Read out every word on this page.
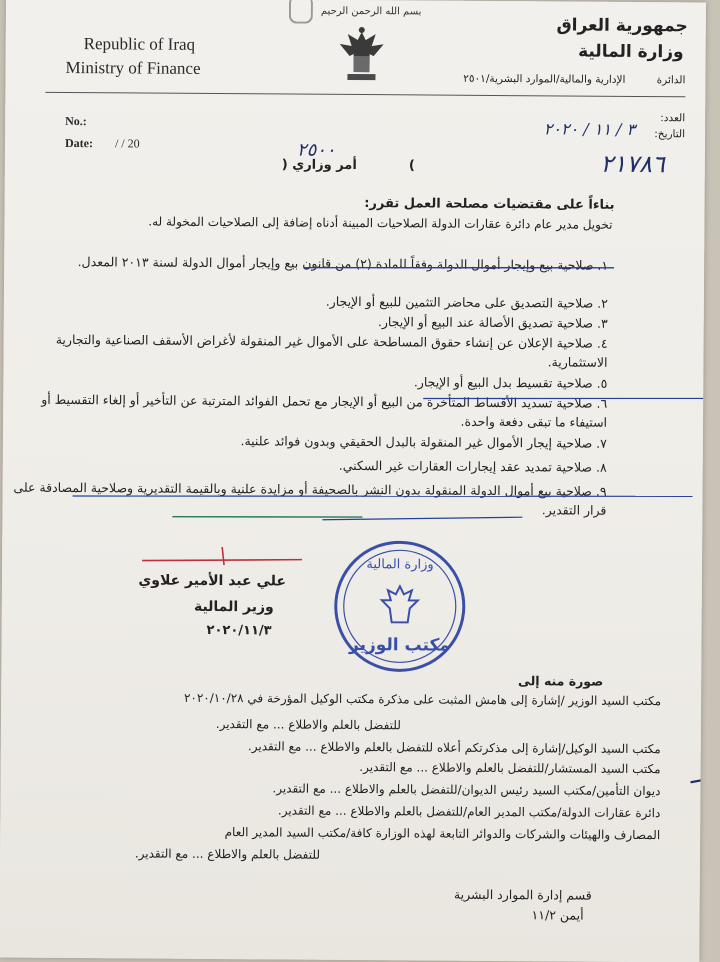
Republic of Iraq
Ministry of Finance
بسم الله الرحمن الرحيم
جمهورية العراق
وزارة المالية
الدائرة
الإدارية والمالية/الموارد البشرية/٢٥٠١
No.:
Date: / / 20
العدد:
التاريخ:
٣ / ١١ / ٢٠٢٠
٢١٧٨٦
أمر وزاري (	)
٢٥٠٠
بناءاً على مقتضيات مصلحة العمل تقرر:
تخويل مدير عام دائرة عقارات الدولة الصلاحيات المبينة أدناه إضافة إلى الصلاحيات المخولة له.
١. صلاحية بيع وإيجار أموال الدولة وفقاً للمادة (٢) من قانون بيع وإيجار أموال الدولة لسنة ٢٠١٣ المعدل.
٢. صلاحية التصديق على محاضر التثمين للبيع أو الإيجار.
٣. صلاحية تصديق الأصالة عند البيع أو الإيجار.
٤. صلاحية الإعلان عن إنشاء حقوق المساطحة على الأموال غير المنقولة لأغراض الأسقف الصناعية والتجارية الاستثمارية.
٥. صلاحية تقسيط بدل البيع أو الإيجار.
٦. صلاحية تسديد الأقساط المتأخرة من البيع أو الإيجار مع تحمل الفوائد المترتبة عن التأخير أو إلغاء التقسيط أو استيفاء ما تبقى دفعة واحدة.
٧. صلاحية إيجار الأموال غير المنقولة بالبدل الحقيقي وبدون فوائد علنية.
٨. صلاحية تمديد عقد إيجارات العقارات غير السكني.
٩. صلاحية بيع أموال الدولة المنقولة بدون النشر بالصحيفة أو مزايدة علنية وبالقيمة التقديرية وصلاحية المصادقة على قرار التقدير.
علي عبد الأمير علاوي
وزير المالية
٢٠٢٠/١١/٣
وزارة المالية
مكتب الوزير
صورة منه إلى
مكتب السيد الوزير /إشارة إلى هامش المثبت على مذكرة مكتب الوكيل المؤرخة في ٢٠٢٠/١٠/٢٨
للتفضل بالعلم والاطلاع ... مع التقدير.
مكتب السيد الوكيل/إشارة إلى مذكرتكم أعلاه للتفضل بالعلم والاطلاع ... مع التقدير.
مكتب السيد المستشار/للتفضل بالعلم والاطلاع ... مع التقدير.
ديوان التأمين/مكتب السيد رئيس الديوان/للتفضل بالعلم والاطلاع ... مع التقدير.
دائرة عقارات الدولة/مكتب المدير العام/للتفضل بالعلم والاطلاع ... مع التقدير.
المصارف والهيئات والشركات والدوائر التابعة لهذه الوزارة كافة/مكتب السيد المدير العام
للتفضل بالعلم والاطلاع ... مع التقدير.
قسم إدارة الموارد البشرية
أيمن ١١/٢
